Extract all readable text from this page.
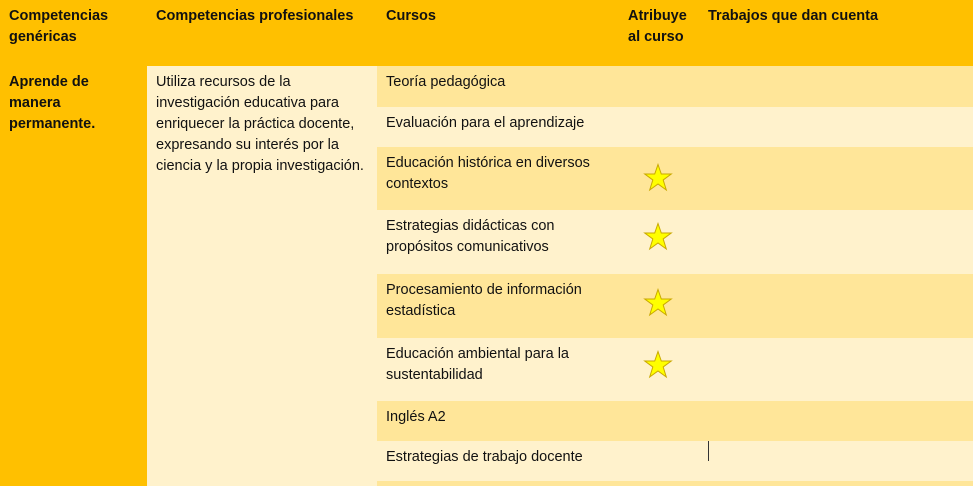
Competencias genéricas
Competencias profesionales	Cursos	Atribuye al curso
Trabajos que dan cuenta
Aprende de manera permanente.
Utiliza recursos de la investigación educativa para enriquecer la práctica docente, expresando su interés por la ciencia y la propia investigación.
Teoría pedagógica
Evaluación para el aprendizaje
Educación histórica en diversos contextos
Estrategias didácticas con propósitos comunicativos
Procesamiento de información estadística
Educación ambiental para la sustentabilidad
Inglés A2
Estrategias de trabajo docente
